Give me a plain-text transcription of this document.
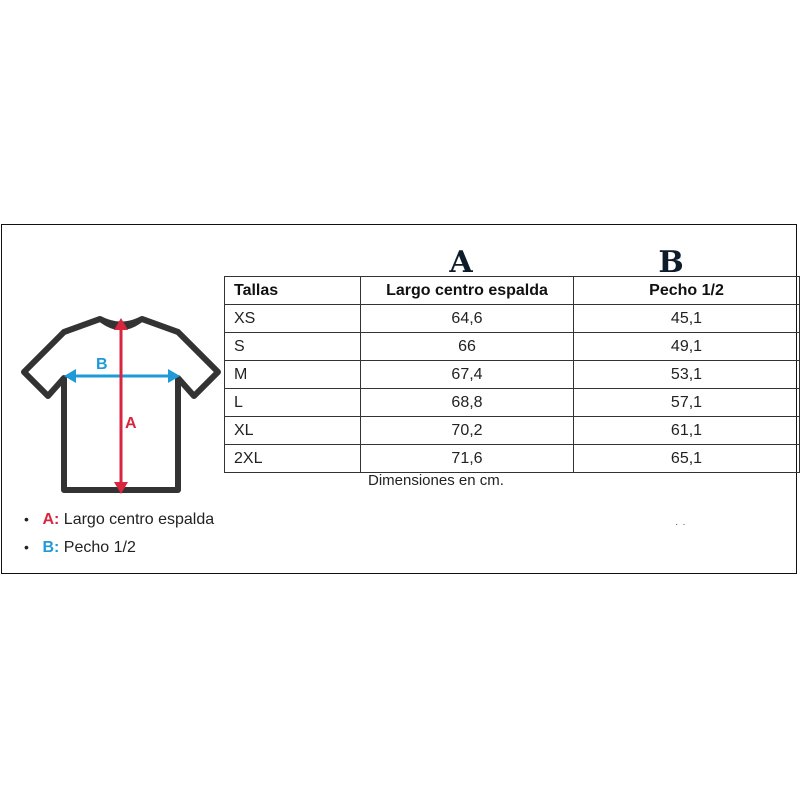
B
A
A	B
Tallas	Largo centro espalda	Pecho 1/2
XS	64,6	45,1
S	66	49,1
M	67,4	53,1
L	68,8	57,1
XL	70,2	61,1
2XL	71,6	65,1
Dimensiones en cm.
• A: Largo centro espalda
• B: Pecho 1/2
··
